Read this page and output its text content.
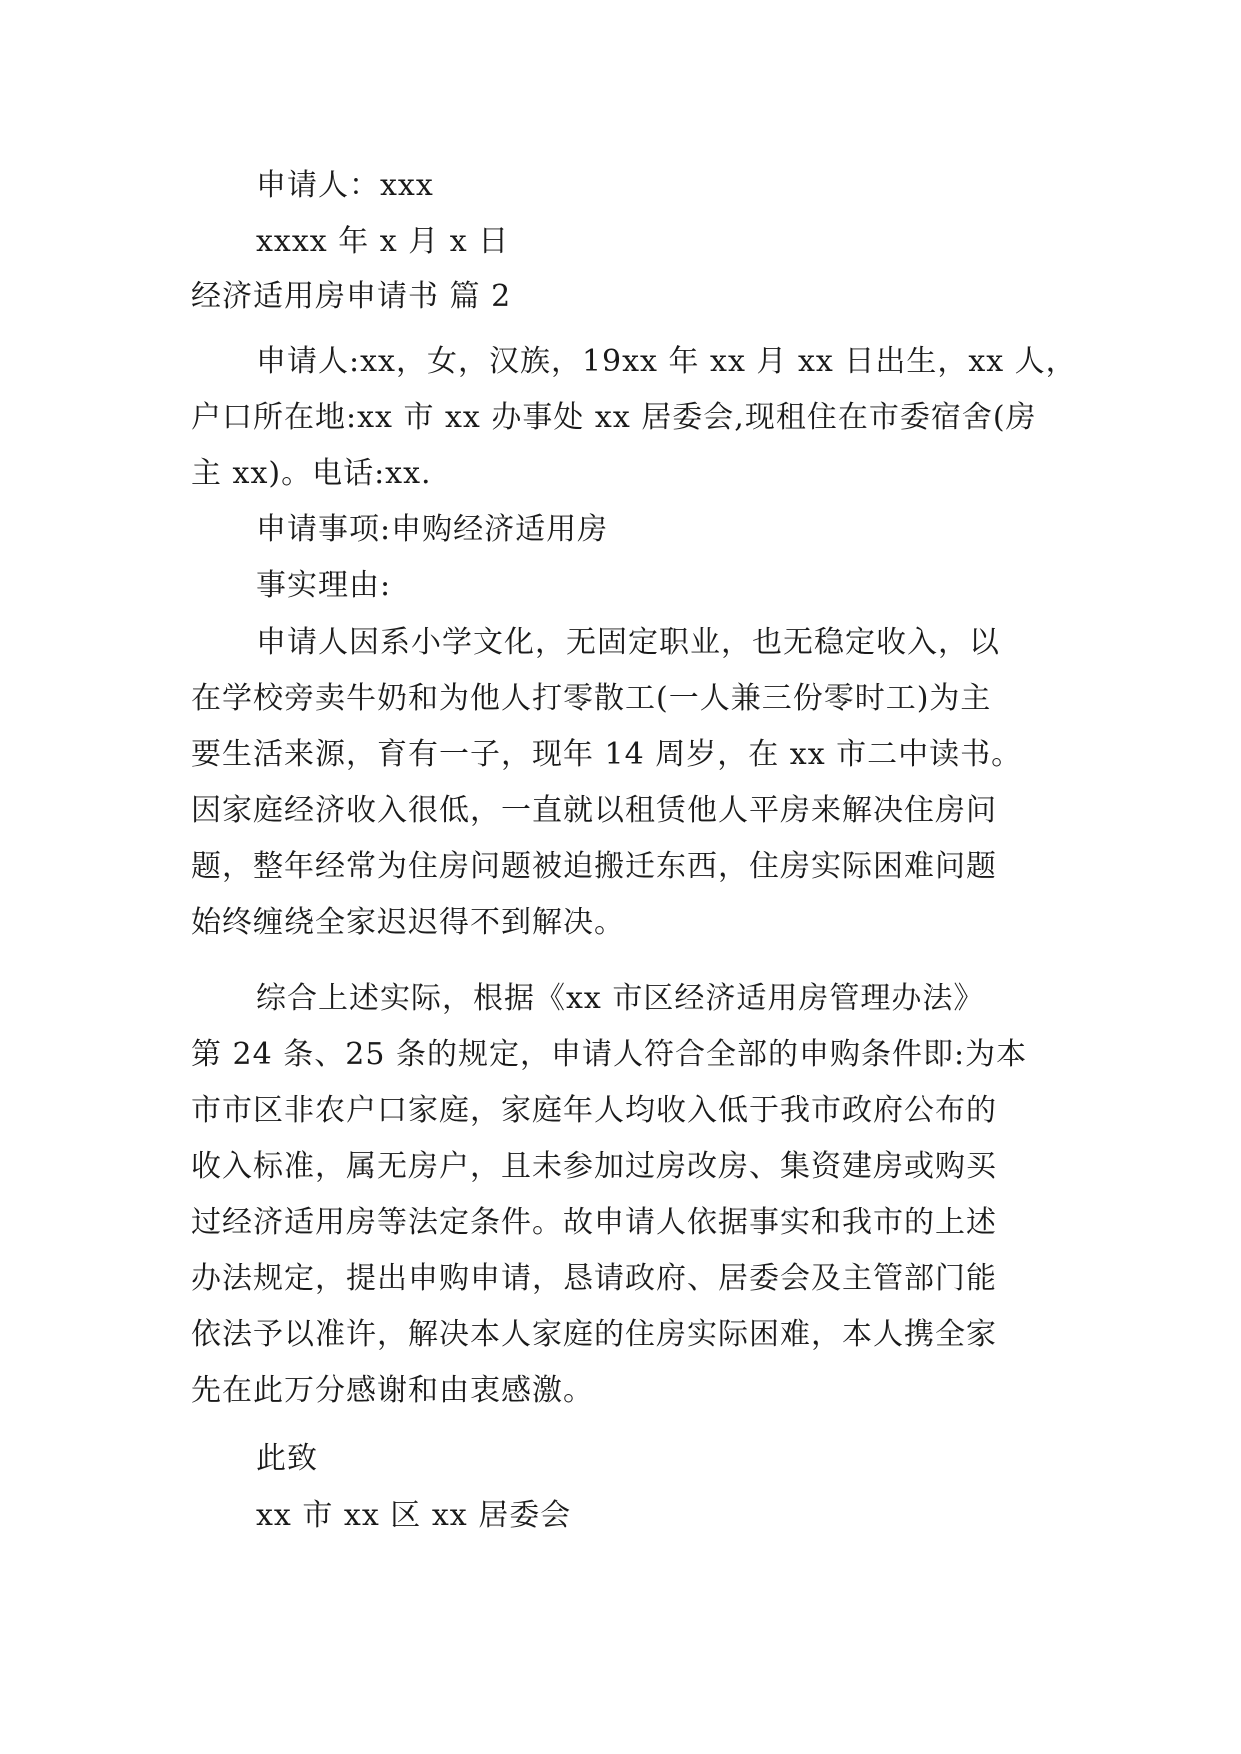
申请人：xxx
xxxx 年 x 月 x 日
经济适用房申请书 篇 2
申请人:xx，女，汉族，19xx 年 xx 月 xx 日出生，xx 人，
户口所在地:xx 市 xx 办事处 xx 居委会,现租住在市委宿舍(房
主 xx)。电话:xx.
申请事项:申购经济适用房
事实理由:
申请人因系小学文化，无固定职业，也无稳定收入，以
在学校旁卖牛奶和为他人打零散工(一人兼三份零时工)为主
要生活来源，育有一子，现年 14 周岁，在 xx 市二中读书。
因家庭经济收入很低，一直就以租赁他人平房来解决住房问
题，整年经常为住房问题被迫搬迁东西，住房实际困难问题
始终缠绕全家迟迟得不到解决。
综合上述实际，根据《xx 市区经济适用房管理办法》
第 24 条、25 条的规定，申请人符合全部的申购条件即:为本
市市区非农户口家庭，家庭年人均收入低于我市政府公布的
收入标准，属无房户，且未参加过房改房、集资建房或购买
过经济适用房等法定条件。故申请人依据事实和我市的上述
办法规定，提出申购申请，恳请政府、居委会及主管部门能
依法予以准许，解决本人家庭的住房实际困难，本人携全家
先在此万分感谢和由衷感激。
此致
xx 市 xx 区 xx 居委会
